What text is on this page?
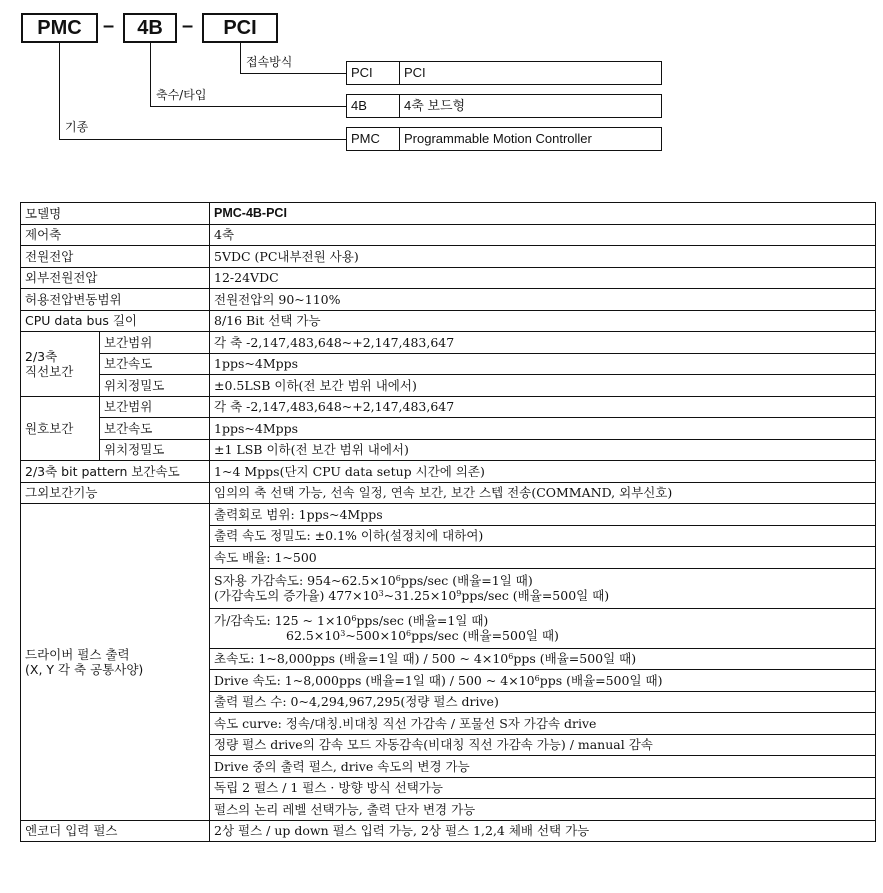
PMC	–	4B –	PCI
접속방식
축수/타입
기종
PCI	PCI
4B	4축 보드형
PMC	Programmable Motion Controller
모델명		PMC-4B-PCI
제어축		4축
전원전압		5VDC (PC내부전원 사용)
외부전원전압		12-24VDC
허용전압변동범위		전원전압의 90~110%
CPU data bus 길이		8/16 Bit 선택 가능
2/3축
직선보간	보간범위	각 축 -2,147,483,648~+2,147,483,647
	보간속도	1pps~4Mpps
	위치정밀도	±0.5LSB 이하(전 보간 범위 내에서)
원호보간	보간범위	각 축 -2,147,483,648~+2,147,483,647
	보간속도	1pps~4Mpps
	위치정밀도	±1 LSB 이하(전 보간 범위 내에서)
2/3축 bit pattern 보간속도		1~4 Mpps(단지 CPU data setup 시간에 의존)
그외보간기능		임의의 축 선택 가능, 선속 일정, 연속 보간, 보간 스텝 전송(COMMAND, 외부신호)

드라이버 펄스 출력
(X, Y 각 축 공통사양)		출력회로 범위: 1pps~4Mpps
		출력 속도 정밀도: ±0.1% 이하(설정치에 대하여)
		속도 배율: 1~500

		S자용 가감속도: $954\sim 62.5\times 10^6pps/\sec$ (배율=1일 때)
(가감속도의 증가율) $477\times 10^3\sim 31.25\times 10^9pps/\sec$ (배율=500일 때)

		가/감속도: 125 ~ $1\times 10^6pps/\sec$ (배율=1일 때)
$62.5\times 10^3\sim 500\times 10^6pps/\sec$ (배율=500일 때)

		초속도: 1~8,000pps (배율=1일 때) / 500 ~ $4\times 10^6pps$ (배율=500일 때)
		Drive 속도: 1~8,000pps (배율=1일 때) / 500 ~ $4\times 10^6pps$ (배율=500일 때)
		출력 펄스 수: 0~4,294,967,295(정량 펄스 drive)
		속도 curve: 정속/대칭.비대칭 직선 가감속 / 포물선 S자 가감속 drive
		정량 펄스 drive의 감속 모드 자동감속(비대칭 직선 가감속 가능) / manual 감속
		Drive 중의 출력 펄스, drive 속도의 변경 가능
		독립 2 펄스 / 1 펄스 · 방향 방식 선택가능
		펄스의 논리 레벨 선택가능, 출력 단자 변경 가능
엔코더 입력 펄스		2상 펄스 / up down 펄스 입력 가능, 2상 펄스 1,2,4 체배 선택 가능
